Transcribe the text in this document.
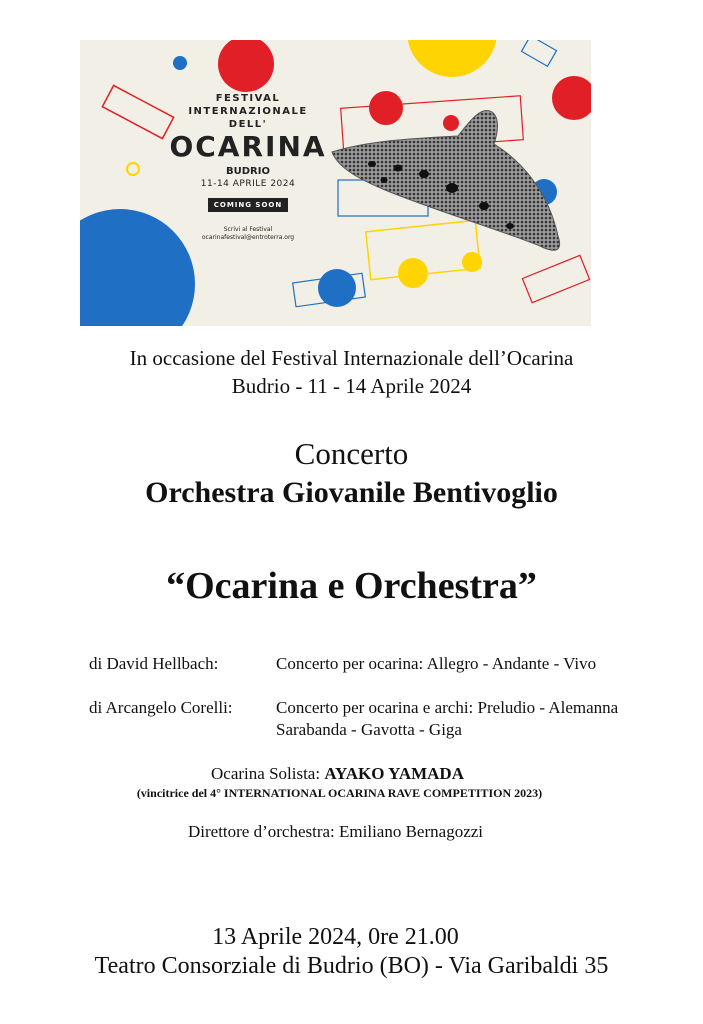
FESTIVAL
INTERNAZIONALE
DELL'
OCARINA
BUDRIO
11-14 APRILE 2024
COMING SOON
Scrivi al Festival
ocarinafestival@entroterra.org
In occasione del Festival Internazionale dell’Ocarina
Budrio - 11 - 14 Aprile 2024
Concerto
Orchestra Giovanile Bentivoglio
“Ocarina e Orchestra”
di David Hellbach:	Concerto per ocarina: Allegro - Andante - Vivo
di Arcangelo Corelli:	Concerto per ocarina e archi: Preludio - Alemanna
Sarabanda - Gavotta - Giga
Ocarina Solista: AYAKO YAMADA
(vincitrice del 4° INTERNATIONAL OCARINA RAVE COMPETITION 2023)
Direttore d’orchestra: Emiliano Bernagozzi
13 Aprile 2024, 0re 21.00
Teatro Consorziale di Budrio (BO) - Via Garibaldi 35
